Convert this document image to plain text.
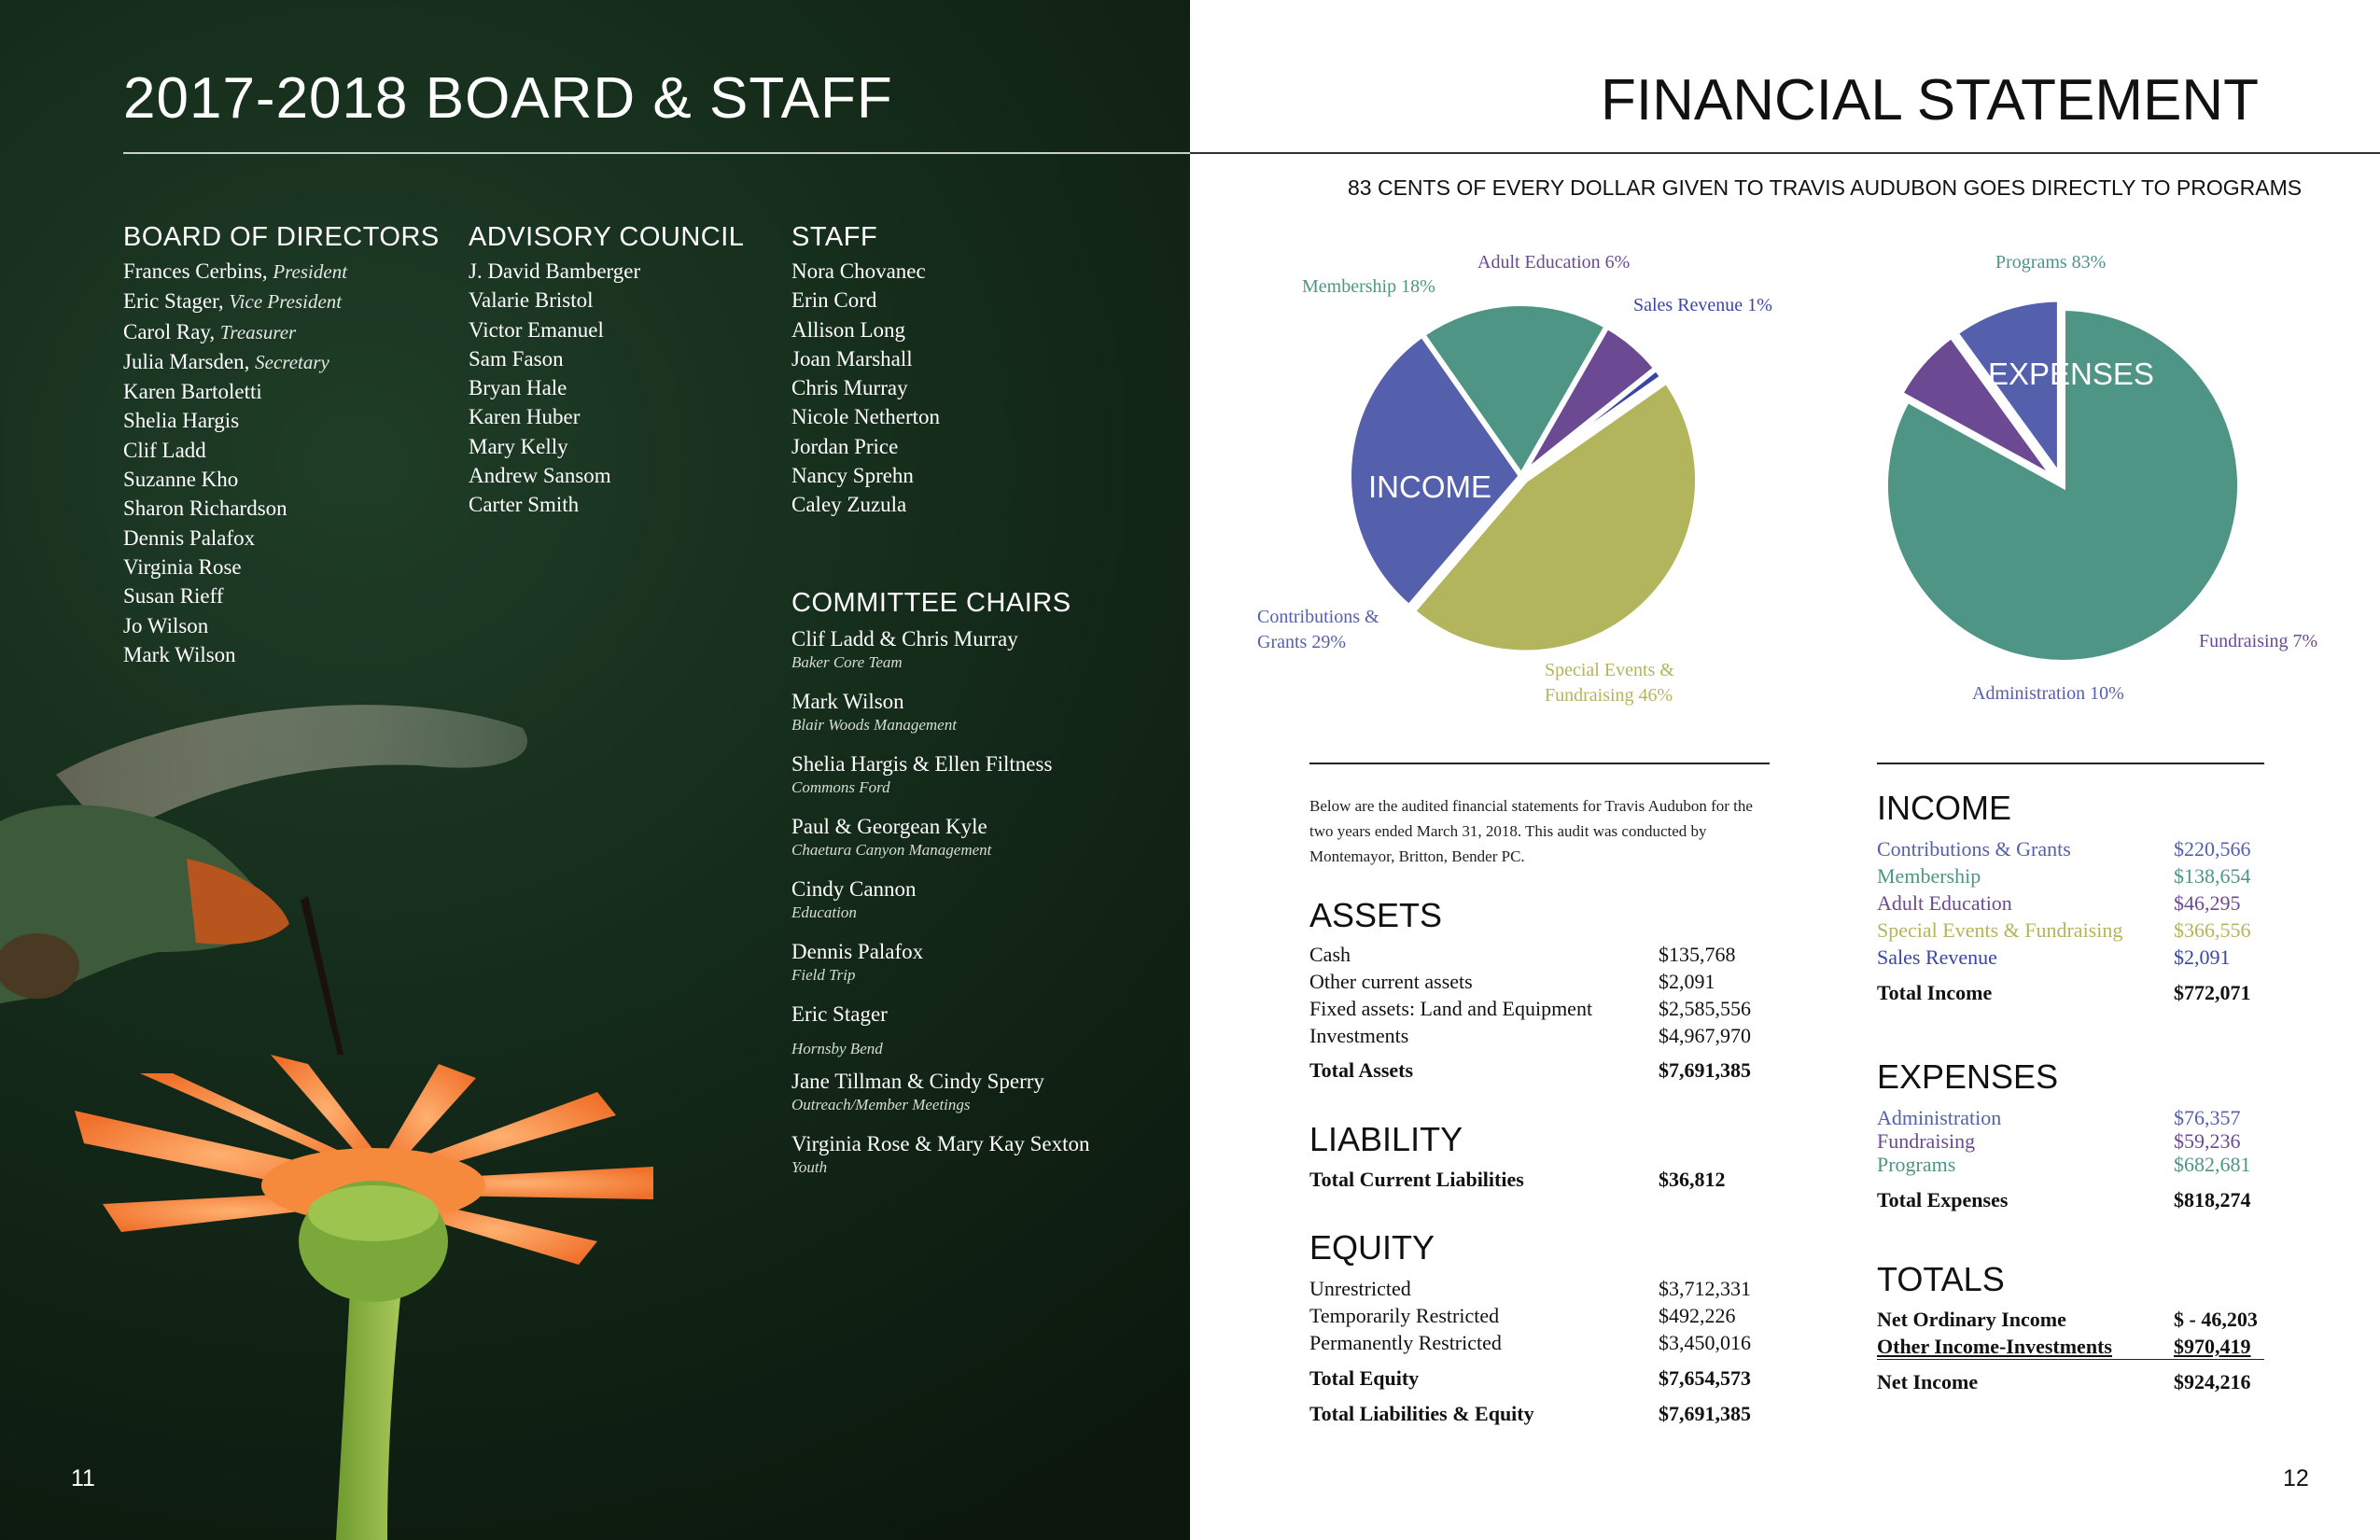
2017-2018 BOARD & STAFF
BOARD OF DIRECTORS
Frances Cerbins, President
Eric Stager, Vice President
Carol Ray, Treasurer
Julia Marsden, Secretary
Karen Bartoletti
Shelia Hargis
Clif Ladd
Suzanne Kho
Sharon Richardson
Dennis Palafox
Virginia Rose
Susan Rieff
Jo Wilson
Mark Wilson
ADVISORY COUNCIL
J. David Bamberger
Valarie Bristol
Victor Emanuel
Sam Fason
Bryan Hale
Karen Huber
Mary Kelly
Andrew Sansom
Carter Smith
STAFF
Nora Chovanec
Erin Cord
Allison Long
Joan Marshall
Chris Murray
Nicole Netherton
Jordan Price
Nancy Sprehn
Caley Zuzula
COMMITTEE CHAIRS
Clif Ladd & Chris Murray
Baker Core Team
Mark Wilson
Blair Woods Management
Shelia Hargis & Ellen Filtness
Commons Ford
Paul & Georgean Kyle
Chaetura Canyon Management
Cindy Cannon
Education
Dennis Palafox
Field Trip
Eric Stager
Hornsby Bend
Jane Tillman & Cindy Sperry
Outreach/Member Meetings
Virginia Rose & Mary Kay Sexton
Youth
11
FINANCIAL STATEMENT
83 CENTS OF EVERY DOLLAR GIVEN TO TRAVIS AUDUBON GOES DIRECTLY TO PROGRAMS
INCOME
Membership 18%
Adult Education 6%
Sales Revenue 1%
Special Events & Fundraising 46%
Contributions & Grants 29%
EXPENSES
Programs 83%
Fundraising 7%
Administration 10%
Below are the audited financial statements for Travis Audubon for the two years ended March 31, 2018. This audit was conducted by Montemayor, Britton, Bender PC.
ASSETS
Cash	$135,768
Other current assets	$2,091
Fixed assets: Land and Equipment	$2,585,556
Investments	$4,967,970
Total Assets	$7,691,385
LIABILITY
Total Current Liabilities	$36,812
EQUITY
Unrestricted	$3,712,331
Temporarily Restricted	$492,226
Permanently Restricted	$3,450,016
Total Equity	$7,654,573
Total Liabilities & Equity	$7,691,385
INCOME
Contributions & Grants	$220,566
Membership	$138,654
Adult Education	$46,295
Special Events & Fundraising $366,556
Sales Revenue	$2,091
Total Income	$772,071
EXPENSES
Administration	$76,357
Fundraising	$59,236
Programs	$682,681
Total Expenses	$818,274
TOTALS
Net Ordinary Income	$ - 46,203
Other Income-Investments	$970,419
Net Income	$924,216
12
